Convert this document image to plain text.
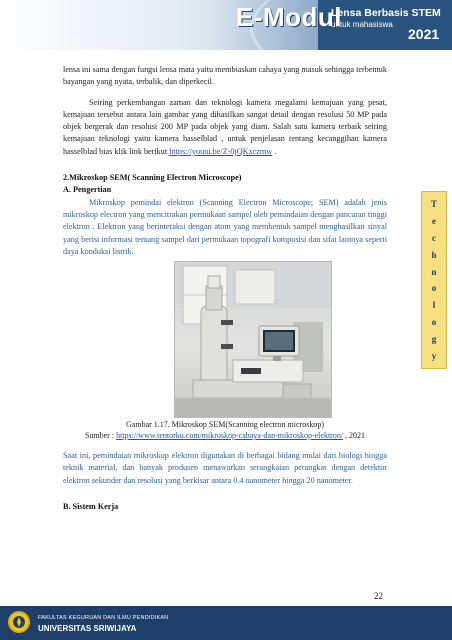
E-Modul
Lensa Berbasis STEM
untuk mahasiswa
2021

lensa ini sama dengan fungsi lensa mata yaitu membiaskan cahaya yang masuk sehingga terbentuk bayangan yang nyata, terbalik, dan diperkecil.

Seiring perkembangan zaman dan teknologi kamera megalami kemajuan yang pesat, kemajuan tersebut antara lain gambar yang dihasilkan sangat detail dengan resolusi 50 MP pada objek bergerak dan resolusi 200 MP pada objek yang diam. Salah satu kamera terbaik seiring kemajuan teknologi yaitu kamera hasselblad , untuk penjelasan tentang kecanggihan kamera hasselblad bias klik link berikut https://youtu.be/Z-0jQKxczmw .

2.Mikroskop SEM( Scanning Electron Microscope)

A. Pengertian

Mikroskop pemindai elektron (Scanning Electron Microscope; SEM) adalah jenis mikroskop electron yang mencitrakan permukaan sampel oleh pemindaian dengan pancaran tinggi elektron . Elektron yang berinteraksi dengan atom yang membentuk sampel menghasilkan sinyal yang berisi informasi tentang sampel dari permukaan topografi komposisi dan sifat lainnya seperti daya konduksi listrik.

Gambar 1.17. Mikroskop SEM(Scanning electron microskop)
Sumber : https://www.tentorku.com/mikroskop-cahaya-dan-mikroskop-elektron/ , 2021

Saat ini, pemindaian mikroskop elektron digunakan di berbagai bidang mulai dari biologi hingga teknik material, dan banyak produsen menawarkan serangkaian perangkat dengan detektor elektron sekunder dan resolusi yang berkisar antara 0.4 nanometer hingga 20 nanometer.

B. Sistem Kerja

T
e
c
h
n
o
l
o
g
y
22
FAKULTAS KEGURUAN DAN ILMU PENDIDIKAN
UNIVERSITAS SRIWIJAYA
